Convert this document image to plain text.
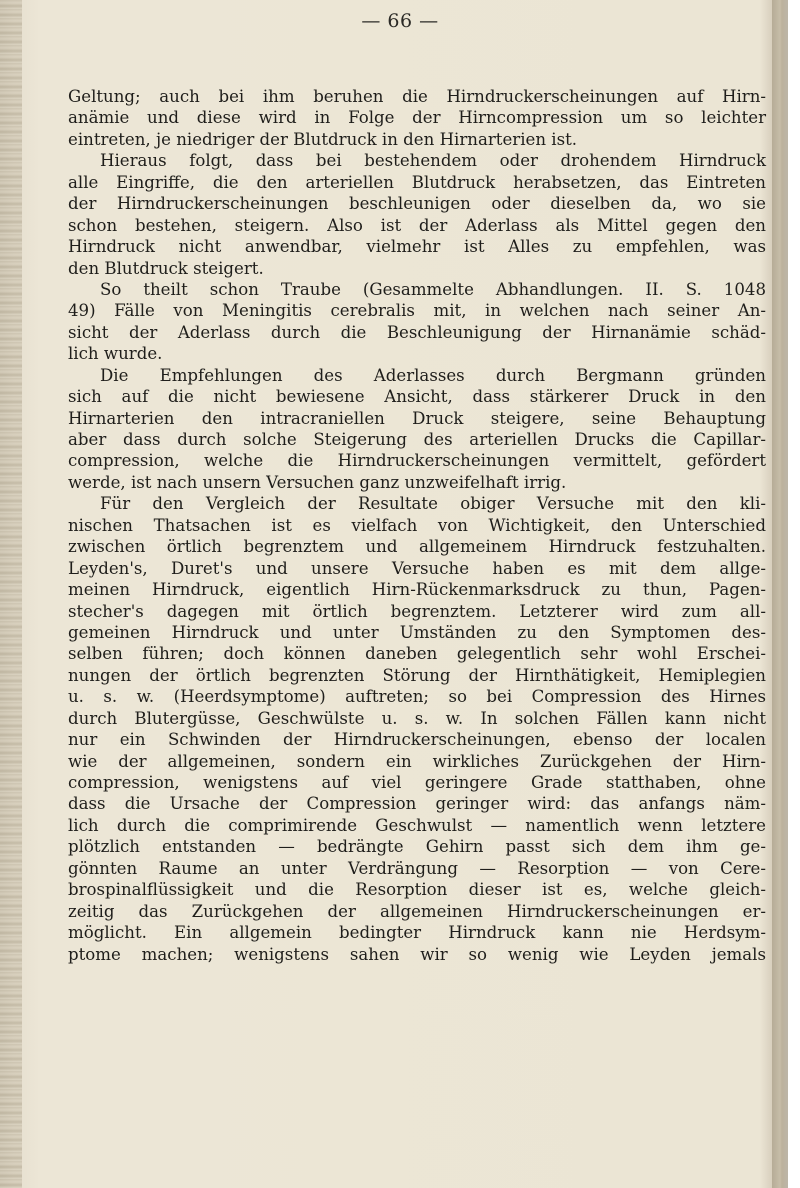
— 66 —
Geltung; auch bei ihm beruhen die Hirndruckerscheinungen auf Hirn-
anämie und diese wird in Folge der Hirncompression um so leichter
eintreten, je niedriger der Blutdruck in den Hirnarterien ist.
Hieraus folgt, dass bei bestehendem oder drohendem Hirndruck
alle Eingriffe, die den arteriellen Blutdruck herabsetzen, das Eintreten
der Hirndruckerscheinungen beschleunigen oder dieselben da, wo sie
schon bestehen, steigern. Also ist der Aderlass als Mittel gegen den
Hirndruck nicht anwendbar, vielmehr ist Alles zu empfehlen, was
den Blutdruck steigert.
So theilt schon Traube (Gesammelte Abhandlungen. II. S. 1048
49) Fälle von Meningitis cerebralis mit, in welchen nach seiner An-
sicht der Aderlass durch die Beschleunigung der Hirnanämie schäd-
lich wurde.
Die Empfehlungen des Aderlasses durch Bergmann gründen
sich auf die nicht bewiesene Ansicht, dass stärkerer Druck in den
Hirnarterien den intracraniellen Druck steigere, seine Behauptung
aber dass durch solche Steigerung des arteriellen Drucks die Capillar-
compression, welche die Hirndruckerscheinungen vermittelt, gefördert
werde, ist nach unsern Versuchen ganz unzweifelhaft irrig.
Für den Vergleich der Resultate obiger Versuche mit den kli-
nischen Thatsachen ist es vielfach von Wichtigkeit, den Unterschied
zwischen örtlich begrenztem und allgemeinem Hirndruck festzuhalten.
Leyden's, Duret's und unsere Versuche haben es mit dem allge-
meinen Hirndruck, eigentlich Hirn-Rückenmarksdruck zu thun, Pagen-
stecher's dagegen mit örtlich begrenztem. Letzterer wird zum all-
gemeinen Hirndruck und unter Umständen zu den Symptomen des-
selben führen; doch können daneben gelegentlich sehr wohl Erschei-
nungen der örtlich begrenzten Störung der Hirnthätigkeit, Hemiplegien
u. s. w. (Heerdsymptome) auftreten; so bei Compression des Hirnes
durch Blutergüsse, Geschwülste u. s. w. In solchen Fällen kann nicht
nur ein Schwinden der Hirndruckerscheinungen, ebenso der localen
wie der allgemeinen, sondern ein wirkliches Zurückgehen der Hirn-
compression, wenigstens auf viel geringere Grade statthaben, ohne
dass die Ursache der Compression geringer wird: das anfangs näm-
lich durch die comprimirende Geschwulst — namentlich wenn letztere
plötzlich entstanden — bedrängte Gehirn passt sich dem ihm ge-
gönnten Raume an unter Verdrängung — Resorption — von Cere-
brospinalflüssigkeit und die Resorption dieser ist es, welche gleich-
zeitig das Zurückgehen der allgemeinen Hirndruckerscheinungen er-
möglicht. Ein allgemein bedingter Hirndruck kann nie Herdsym-
ptome machen; wenigstens sahen wir so wenig wie Leyden jemals
